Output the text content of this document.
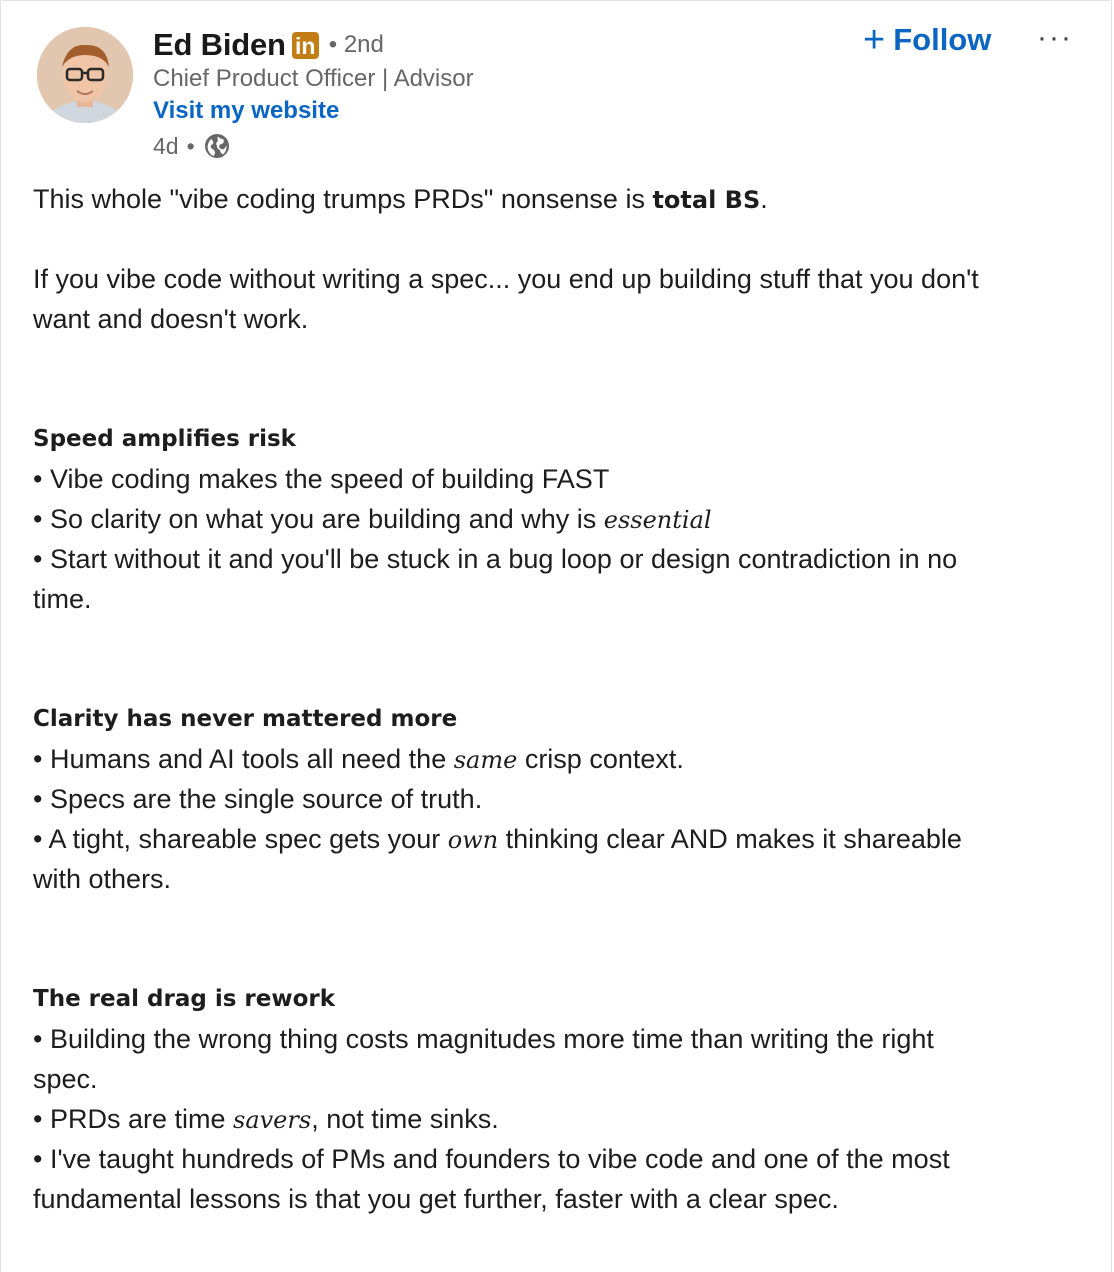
Ed Biden in • 2nd
Chief Product Officer | Advisor
Visit my website
4d •
+ Follow ···
This whole "vibe coding trumps PRDs" nonsense is total BS.
If you vibe code without writing a spec... you end up building stuff that you don't
want and doesn't work.
Speed amplifies risk
• Vibe coding makes the speed of building FAST
• So clarity on what you are building and why is essential
• Start without it and you'll be stuck in a bug loop or design contradiction in no
time.
Clarity has never mattered more
• Humans and AI tools all need the same crisp context.
• Specs are the single source of truth.
• A tight, shareable spec gets your own thinking clear AND makes it shareable
with others.
The real drag is rework
• Building the wrong thing costs magnitudes more time than writing the right
spec.
• PRDs are time savers, not time sinks.
• I've taught hundreds of PMs and founders to vibe code and one of the most
fundamental lessons is that you get further, faster with a clear spec.
